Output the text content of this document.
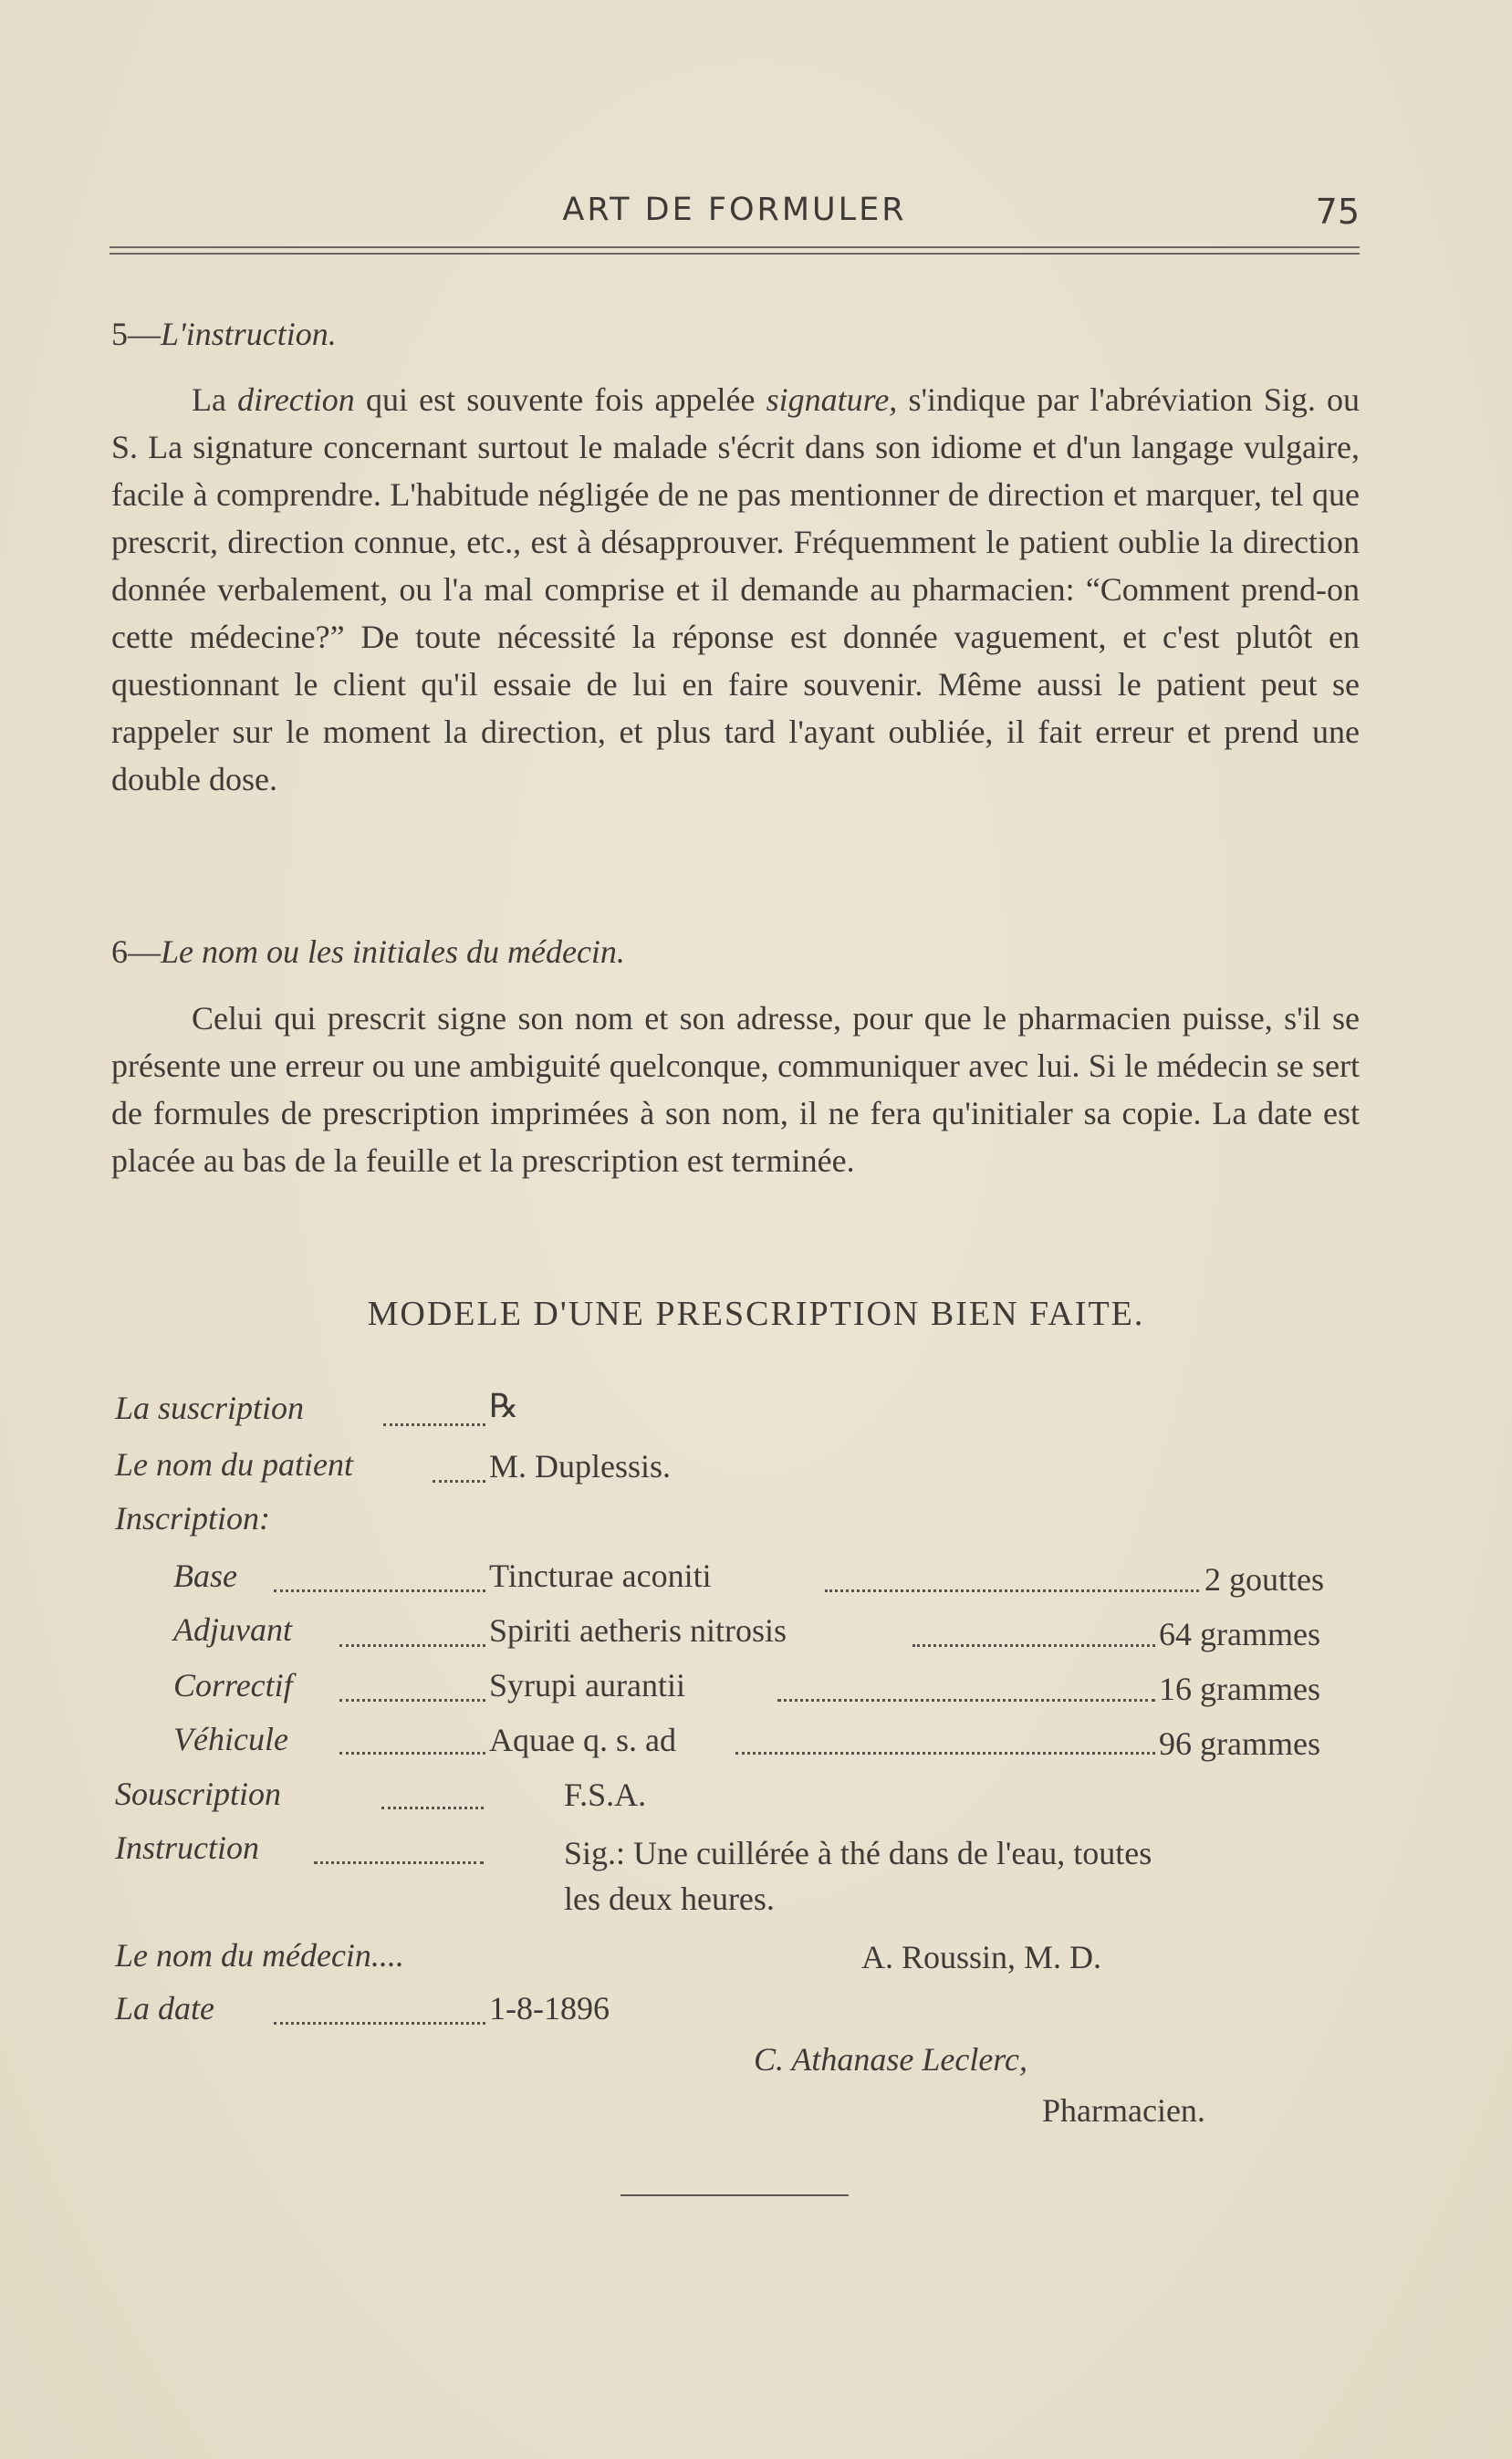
ART DE FORMULER	75
5—L'instruction.

La direction qui est souvente fois appelée signature, s'indique par l'abréviation Sig. ou S. La signature concernant surtout le malade s'écrit dans son idiome et d'un langage vulgaire, facile à comprendre. L'habitude négligée de ne pas mentionner de direction et marquer, tel que prescrit, direction connue, etc., est à désapprouver. Fréquemment le patient oublie la direction donnée verbalement, ou l'a mal comprise et il demande au pharmacien: “Comment prend-on cette médecine?” De toute nécessité la réponse est donnée vaguement, et c'est plutôt en questionnant le client qu'il essaie de lui en faire souvenir. Même aussi le patient peut se rappeler sur le moment la direction, et plus tard l'ayant oubliée, il fait erreur et prend une double dose.

6—Le nom ou les initiales du médecin.

Celui qui prescrit signe son nom et son adresse, pour que le pharmacien puisse, s'il se présente une erreur ou une ambiguité quelconque, communiquer avec lui. Si le médecin se sert de formules de prescription imprimées à son nom, il ne fera qu'initialer sa copie. La date est placée au bas de la feuille et la prescription est terminée.

MODELE D'UNE PRESCRIPTION BIEN FAITE.
La suscription	℞
Le nom du patient	M. Duplessis.
Inscription:
Base	Tincturae aconiti	2 gouttes
Adjuvant	Spiriti aetheris nitrosis	64 grammes
Correctif	Syrupi aurantii	16 grammes
Véhicule	Aquae q. s. ad	96 grammes
Souscription	F.S.A.
Instruction	Sig.: Une cuillérée à thé dans de l'eau, toutes
les deux heures.
Le nom du médecin....	A. Roussin, M. D.
La date	1-8-1896
C. Athanase Leclerc,
Pharmacien.
